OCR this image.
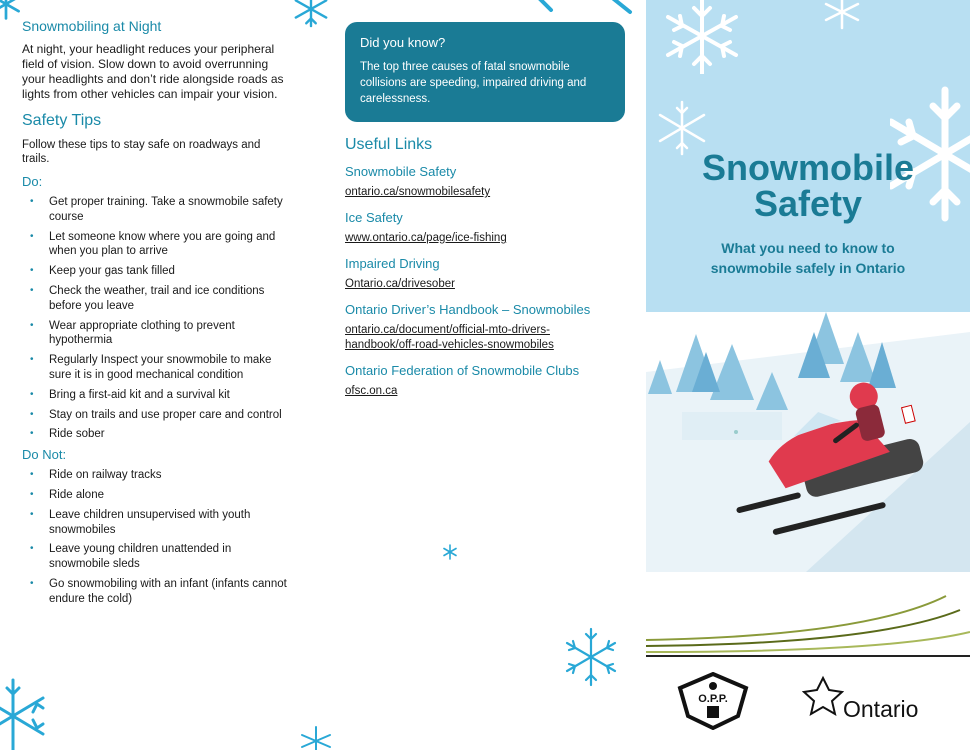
Snowmobiling at Night

At night, your headlight reduces your peripheral field of vision. Slow down to avoid overrunning your headlights and don’t ride alongside roads as lights from other vehicles can impair your vision.

Safety Tips

Follow these tips to stay safe on roadways and trails.

Do:
• Get proper training. Take a snowmobile safety course
• Let someone know where you are going and when you plan to arrive
• Keep your gas tank filled
• Check the weather, trail and ice conditions before you leave
• Wear appropriate clothing to prevent hypothermia
• Regularly Inspect your snowmobile to make sure it is in good mechanical condition
• Bring a first-aid kit and a survival kit
• Stay on trails and use proper care and control
• Ride sober
Do Not:
• Ride on railway tracks
• Ride alone
• Leave children unsupervised with youth snowmobiles
• Leave young children unattended in snowmobile sleds
• Go snowmobiling with an infant (infants cannot endure the cold)
Did you know?

The top three causes of fatal snowmobile collisions are speeding, impaired driving and carelessness.

Useful Links
Snowmobile Safety
ontario.ca/snowmobilesafety
Ice Safety
www.ontario.ca/page/ice-fishing
Impaired Driving
Ontario.ca/drivesober
Ontario Driver’s Handbook – Snowmobiles
ontario.ca/document/official-mto-drivers-handbook/off-road-vehicles-snowmobiles
Ontario Federation of Snowmobile Clubs
ofsc.on.ca
Snowmobile
Safety
What you need to know to
snowmobile safely in Ontario
O.P.P.	Ontario
